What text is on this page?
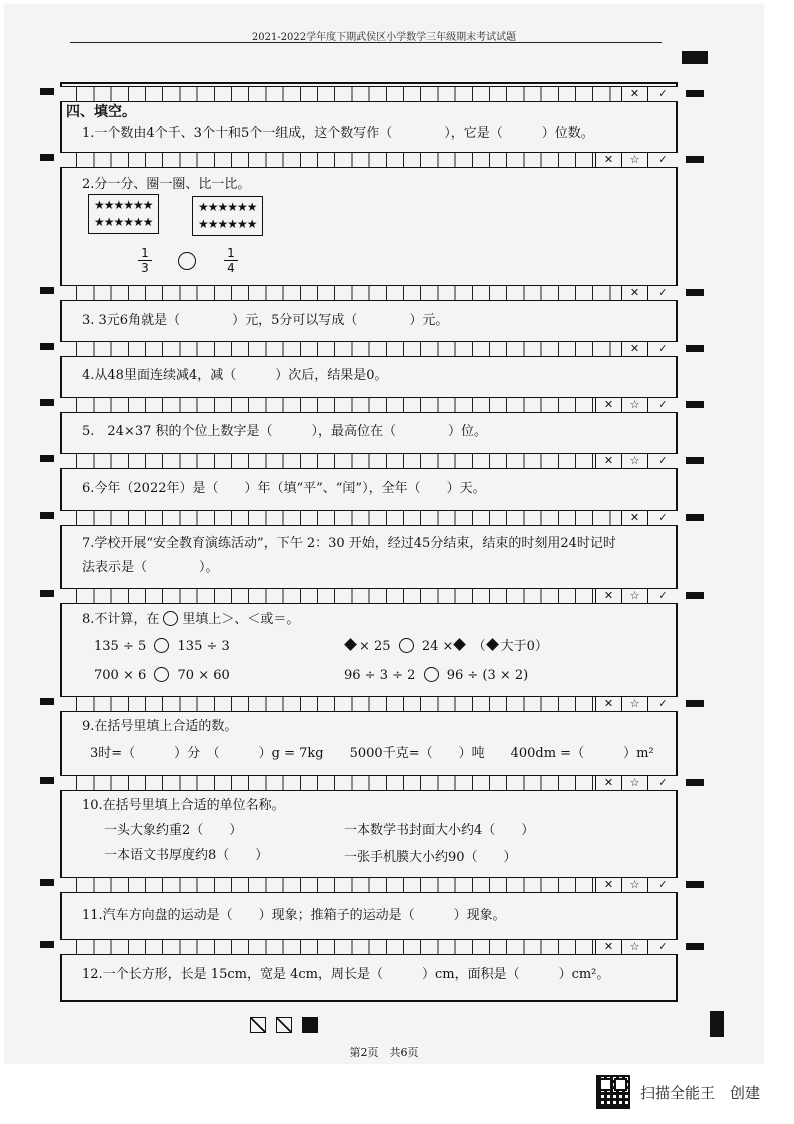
2021-2022学年度下期武侯区小学数学三年级期末考试试题
✕	✓
四、填空。
1.一个数由4个千、3个十和5个一组成，这个数写作（　　　　），它是（　　　）位数。
✕	☆	✓
2.分一分、圈一圈、比一比。
★★★★★★
★★★★★★
★★★★★★
★★★★★★
$\frac{1}{3}$	$\frac{1}{4}$
✕	✓
3. 3元6角就是（　　　　）元，5分可以写成（　　　　）元。
✕	✓
4.从48里面连续减4，减（　　　）次后，结果是0。
✕	☆	✓
5.　24×37 积的个位上数字是（　　　），最高位在（　　　　）位。
✕	☆	✓
6.今年（2022年）是（　　）年（填“平”、“闰”），全年（　　）天。
✕	✓
7.学校开展“安全教育演练活动”，下午 2：30 开始，经过45分结束，结束的时刻用24时记时
法表示是（　　　　）。
✕	☆	✓
8.不计算，在 里填上＞、＜或＝。
135 ÷ 5 135 ÷ 3	× 25 24 × （ 大于0）
700 × 6 70 × 60	96 ÷ 3 ÷ 2 96 ÷ (3 × 2)
✕	☆	✓
9.在括号里填上合适的数。
3时=（　　　）分　（　　　）g = 7kg　　5000千克=（　　）吨　　400dm =（　　　）m²
✕	☆	✓
10.在括号里填上合适的单位名称。
一头大象约重2（　　）	一本数学书封面大小约4（　　）
一本语文书厚度约8（　　）	一张手机膜大小约90（　　）
✕	☆	✓
11.汽车方向盘的运动是（　　）现象；推箱子的运动是（　　　）现象。
✕	☆	✓
12.一个长方形，长是 15cm，宽是 4cm，周长是（　　　）cm，面积是（　　　）cm²。
第2页　共6页
扫描全能王　创建
